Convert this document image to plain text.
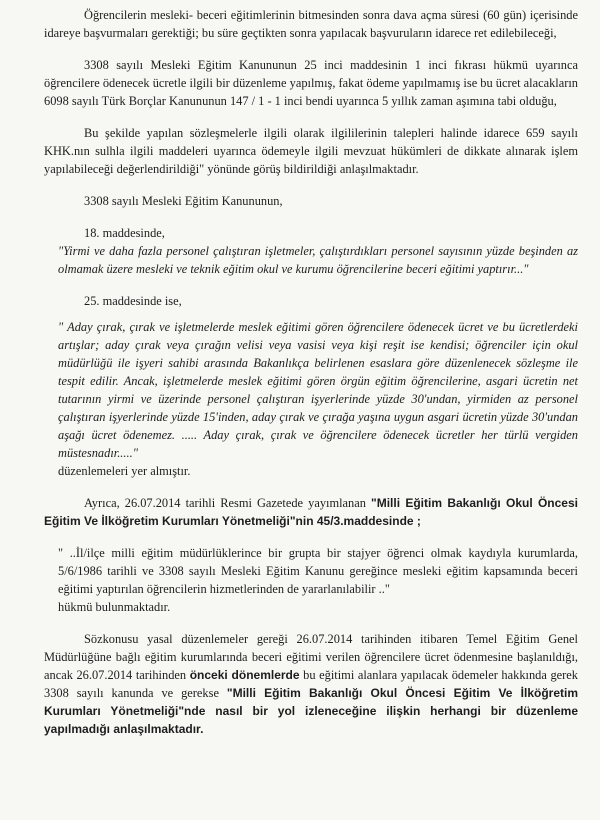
Öğrencilerin mesleki- beceri eğitimlerinin bitmesinden sonra dava açma süresi (60 gün) içerisinde idareye başvurmaları gerektiği; bu süre geçtikten sonra yapılacak başvuruların idarece ret edilebileceği,

3308 sayılı Mesleki Eğitim Kanununun 25 inci maddesinin 1 inci fıkrası hükmü uyarınca öğrencilere ödenecek ücretle ilgili bir düzenleme yapılmış, fakat ödeme yapılmamış ise bu ücret alacakların 6098 sayılı Türk Borçlar Kanununun 147 / 1 - 1 inci bendi uyarınca 5 yıllık zaman aşımına tabi olduğu,

Bu şekilde yapılan sözleşmelerle ilgili olarak ilgililerinin talepleri halinde idarece 659 sayılı KHK.nın sulhla ilgili maddeleri uyarınca ödemeyle ilgili mevzuat hükümleri de dikkate alınarak işlem yapılabileceği değerlendirildiği" yönünde görüş bildirildiği anlaşılmaktadır.

3308 sayılı Mesleki Eğitim Kanununun,

18. maddesinde,

"Yirmi ve daha fazla personel çalıştıran işletmeler, çalıştırdıkları personel sayısının yüzde beşinden az olmamak üzere mesleki ve teknik eğitim okul ve kurumu öğrencilerine beceri eğitimi yaptırır..."

25. maddesinde ise,

" Aday çırak, çırak ve işletmelerde meslek eğitimi gören öğrencilere ödenecek ücret ve bu ücretlerdeki artışlar; aday çırak veya çırağın velisi veya vasisi veya kişi reşit ise kendisi; öğrenciler için okul müdürlüğü ile işyeri sahibi arasında Bakanlıkça belirlenen esaslara göre düzenlenecek sözleşme ile tespit edilir. Ancak, işletmelerde meslek eğitimi gören örgün eğitim öğrencilerine, asgari ücretin net tutarının yirmi ve üzerinde personel çalıştıran işyerlerinde yüzde 30'undan, yirmiden az personel çalıştıran işyerlerinde yüzde 15'inden, aday çırak ve çırağa yaşına uygun asgari ücretin yüzde 30'undan aşağı ücret ödenemez. ..... Aday çırak, çırak ve öğrencilere ödenecek ücretler her türlü vergiden müstesnadır....."

düzenlemeleri yer almıştır.

Ayrıca, 26.07.2014 tarihli Resmi Gazetede yayımlanan "Milli Eğitim Bakanlığı Okul Öncesi Eğitim Ve İlköğretim Kurumları Yönetmeliği"nin 45/3.maddesinde ;

" ..İl/ilçe milli eğitim müdürlüklerince bir grupta bir stajyer öğrenci olmak kaydıyla kurumlarda, 5/6/1986 tarihli ve 3308 sayılı Mesleki Eğitim Kanunu gereğince mesleki eğitim kapsamında beceri eğitimi yaptırılan öğrencilerin hizmetlerinden de yararlanılabilir .."

hükmü bulunmaktadır.

Sözkonusu yasal düzenlemeler gereği 26.07.2014 tarihinden itibaren Temel Eğitim Genel Müdürlüğüne bağlı eğitim kurumlarında beceri eğitimi verilen öğrencilere ücret ödenmesine başlanıldığı, ancak 26.07.2014 tarihinden önceki dönemlerde bu eğitimi alanlara yapılacak ödemeler hakkında gerek 3308 sayılı kanunda ve gerekse "Milli Eğitim Bakanlığı Okul Öncesi Eğitim Ve İlköğretim Kurumları Yönetmeliği"nde nasıl bir yol izleneceğine ilişkin herhangi bir düzenleme yapılmadığı anlaşılmaktadır.
